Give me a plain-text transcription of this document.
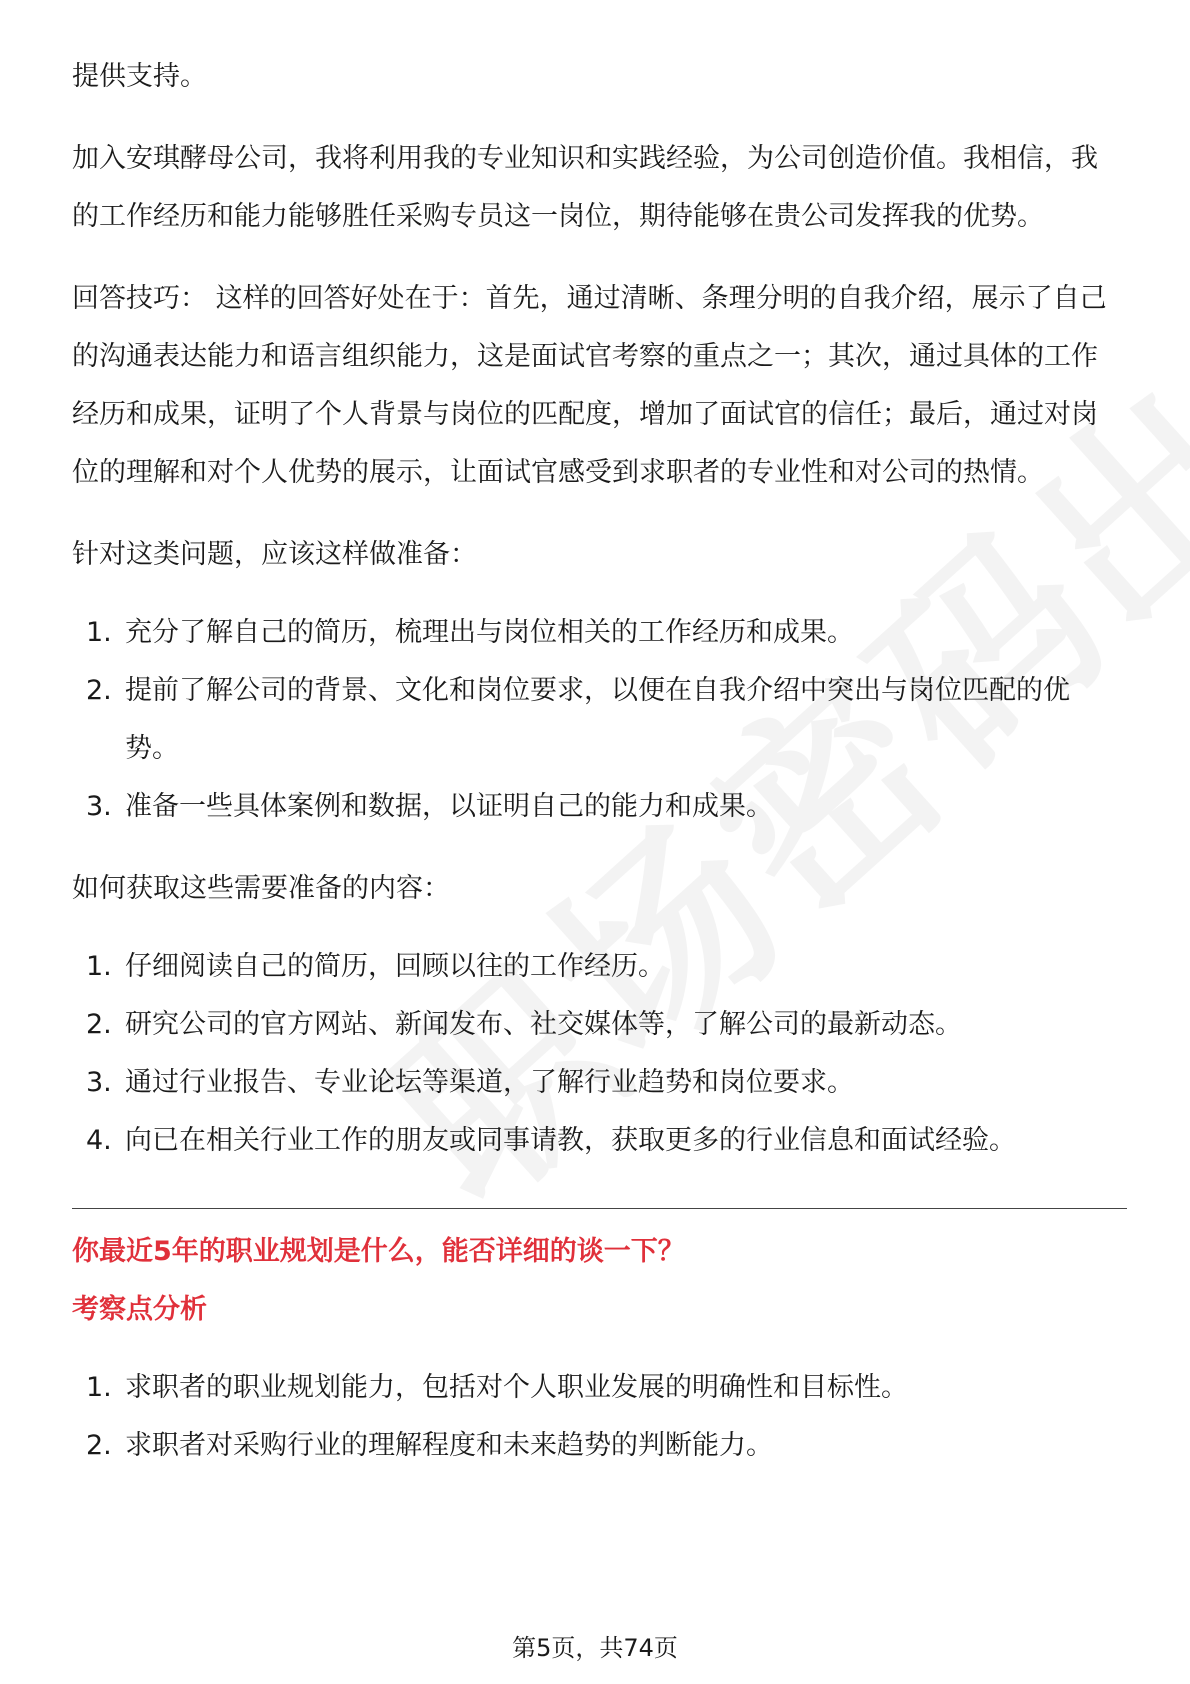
提供支持。

加入安琪酵母公司，我将利用我的专业知识和实践经验，为公司创造价值。我相信，我的工作经历和能力能够胜任采购专员这一岗位，期待能够在贵公司发挥我的优势。

回答技巧： 这样的回答好处在于：首先，通过清晰、条理分明的自我介绍，展示了自己的沟通表达能力和语言组织能力，这是面试官考察的重点之一；其次，通过具体的工作经历和成果，证明了个人背景与岗位的匹配度，增加了面试官的信任；最后，通过对岗位的理解和对个人优势的展示，让面试官感受到求职者的专业性和对公司的热情。

针对这类问题，应该这样做准备：

1. 充分了解自己的简历，梳理出与岗位相关的工作经历和成果。
2. 提前了解公司的背景、文化和岗位要求，以便在自我介绍中突出与岗位匹配的优势。
3. 准备一些具体案例和数据，以证明自己的能力和成果。

如何获取这些需要准备的内容：

1. 仔细阅读自己的简历，回顾以往的工作经历。
2. 研究公司的官方网站、新闻发布、社交媒体等，了解公司的最新动态。
3. 通过行业报告、专业论坛等渠道，了解行业趋势和岗位要求。
4. 向已在相关行业工作的朋友或同事请教，获取更多的行业信息和面试经验。

你最近5年的职业规划是什么，能否详细的谈一下？

考察点分析

1. 求职者的职业规划能力，包括对个人职业发展的明确性和目标性。
2. 求职者对采购行业的理解程度和未来趋势的判断能力。
第5页，共74页
